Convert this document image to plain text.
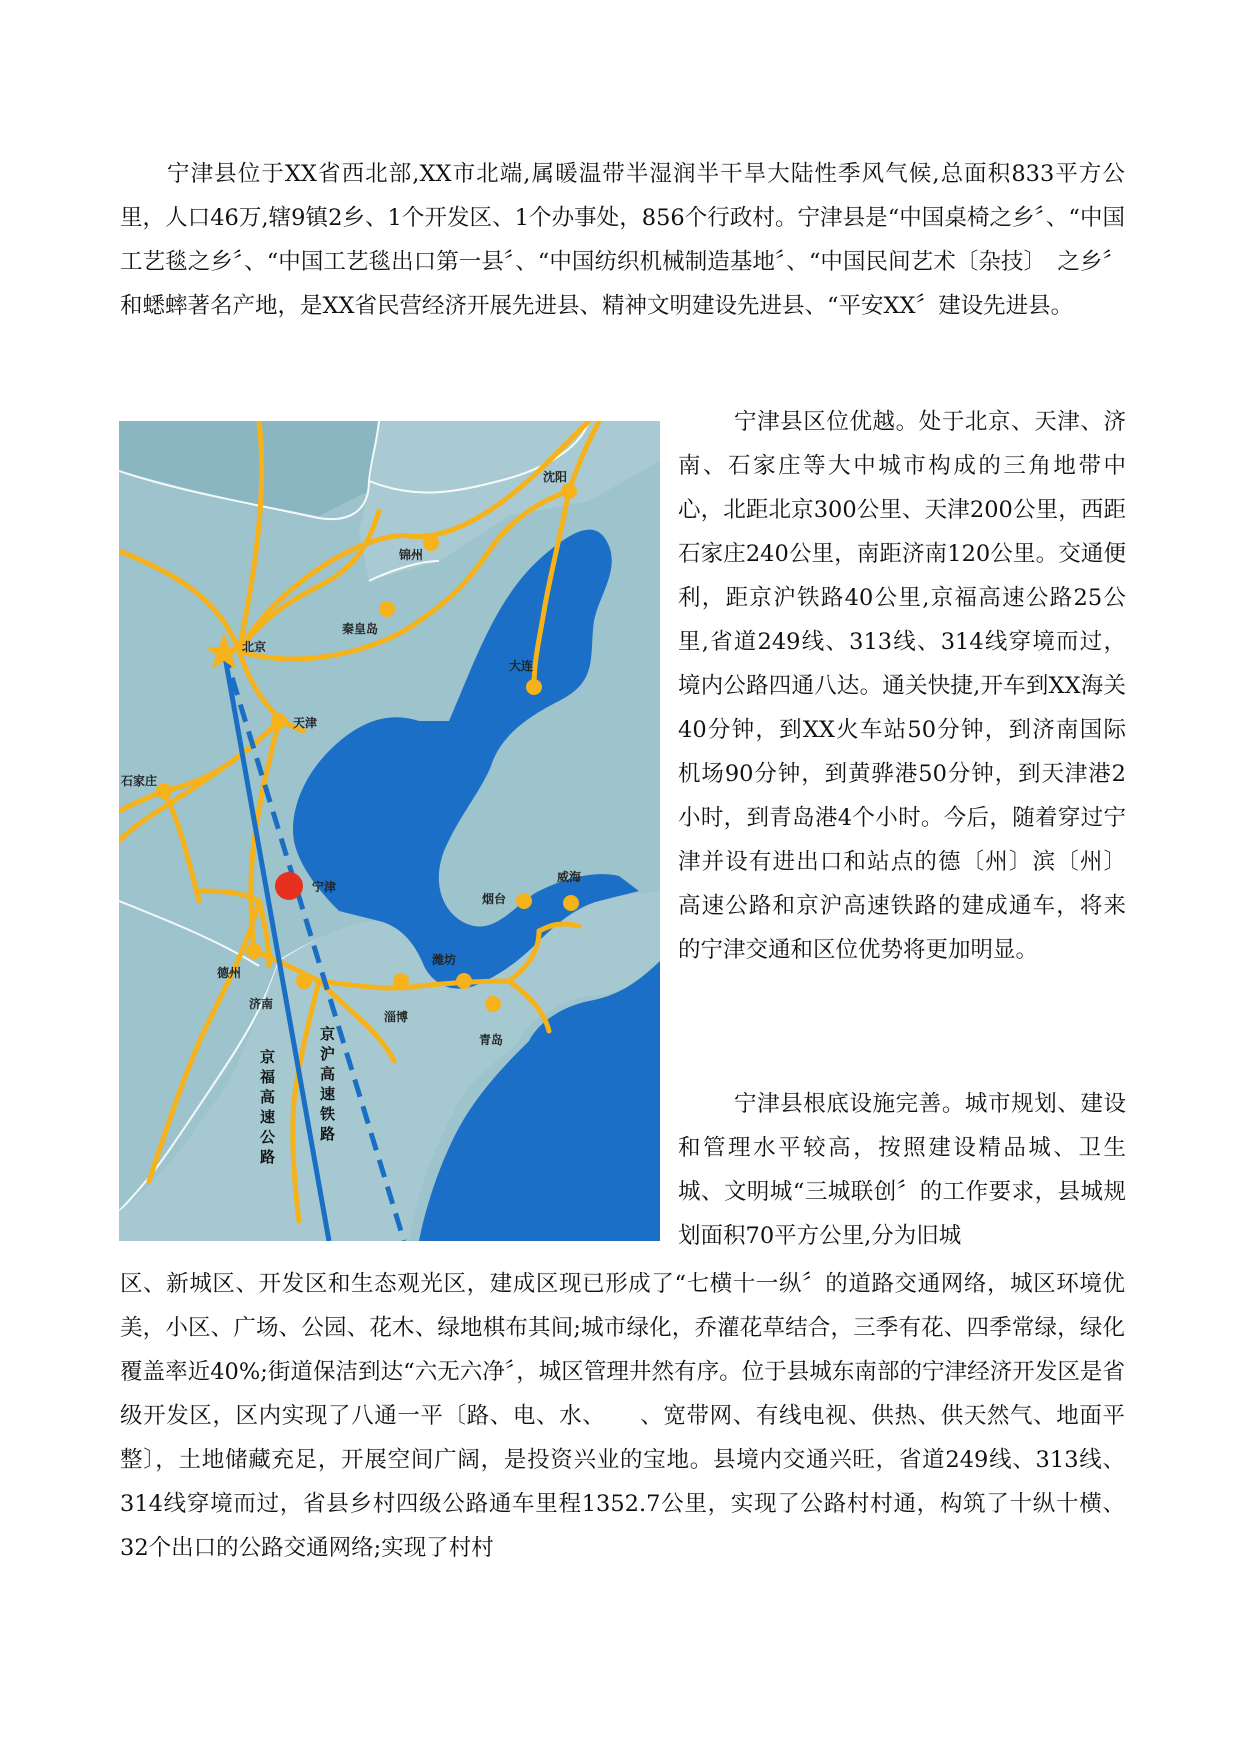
宁津县位于XX省西北部,XX市北端,属暖温带半湿润半干旱大陆性季风气候,总面积833平方公里，人口46万,辖9镇2乡、1个开发区、1个办事处，856个行政村。宁津县是“中国桌椅之乡〞、“中国工艺毯之乡〞、“中国工艺毯出口第一县〞、“中国纺织机械制造基地〞、“中国民间艺术〔杂技〕　之乡〞和蟋蟀著名产地，是XX省民营经济开展先进县、精神文明建设先进县、“平安XX〞建设先进县。

沈阳
锦州
秦皇岛
北京
大连
天津
石家庄
宁津
德州
济南
淄博
潍坊
青岛
烟台
威海
京福高速公路	京沪高速铁路

宁津县区位优越。处于北京、天津、济南、石家庄等大中城市构成的三角地带中心，北距北京300公里、天津200公里，西距石家庄240公里，南距济南120公里。交通便利，距京沪铁路40公里,京福高速公路25公里,省道249线、313线、314线穿境而过，境内公路四通八达。通关快捷,开车到XX海关40分钟，到XX火车站50分钟，到济南国际机场90分钟，到黄骅港50分钟，到天津港2小时，到青岛港4个小时。今后，随着穿过宁津并设有进出口和站点的德〔州〕滨〔州〕高速公路和京沪高速铁路的建成通车，将来的宁津交通和区位优势将更加明显。

宁津县根底设施完善。城市规划、建设和管理水平较高，按照建设精品城、卫生城、文明城“三城联创〞的工作要求，县城规划面积70平方公里,分为旧城

区、新城区、开发区和生态观光区，建成区现已形成了“七横十一纵〞的道路交通网络，城区环境优美，小区、广场、公园、花木、绿地棋布其间;城市绿化，乔灌花草结合，三季有花、四季常绿，绿化覆盖率近40%;街道保洁到达“六无六净〞，城区管理井然有序。位于县城东南部的宁津经济开发区是省级开发区，区内实现了八通一平〔路、电、水、　　、宽带网、有线电视、供热、供天然气、地面平整〕，土地储藏充足，开展空间广阔，是投资兴业的宝地。县境内交通兴旺，省道249线、313线、314线穿境而过，省县乡村四级公路通车里程1352.7公里，实现了公路村村通，构筑了十纵十横、32个出口的公路交通网络;实现了村村
